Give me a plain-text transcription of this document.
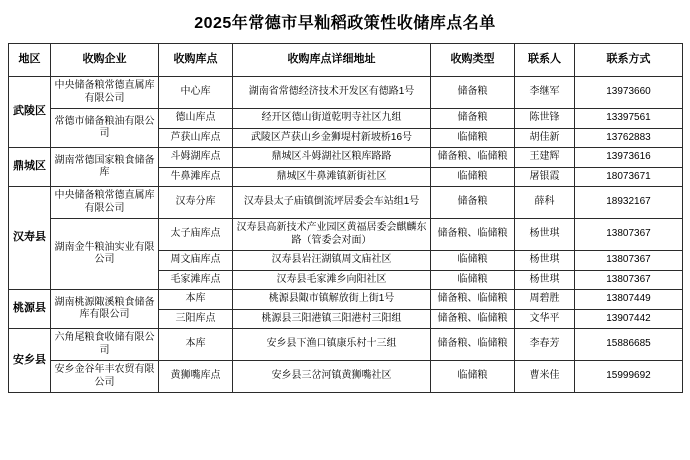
2025年常德市早籼稻政策性收储库点名单
地区	收购企业	收购库点	收购库点详细地址	收购类型	联系人	联系方式
武陵区	中央储备粮常德直属库有限公司	中心库	湖南省常德经济技术开发区有德路1号	储备粮	李继军	13973660
	常德市储备粮油有限公司	德山库点	经开区德山街道乾明寺社区九组	储备粮	陈世锋	13397561
		芦获山库点	武陵区芦获山乡金狮堤村新坡桥16号	临储粮	胡佳新	13762883
鼎城区	湖南常德国家粮食储备库	斗姆湖库点	鼎城区斗姆湖社区粮库路路	储备粮、临储粮	王建辉	13973616
		牛鼻滩库点	鼎城区牛鼻滩镇新街社区	临储粮	屠银霞	18073671
汉寿县	中央储备粮常德直属库有限公司	汉寿分库	汉寿县太子庙镇倒流坪居委会车站组1号	储备粮	薛科	18932167
	湖南金牛粮油实业有限公司	太子庙库点	汉寿县高新技术产业园区黄福居委会麒麟东路（管委会对面）	储备粮、临储粮	杨世琪	13807367
		周文庙库点	汉寿县岩汪湖镇周文庙社区	临储粮	杨世琪	13807367
		毛家滩库点	汉寿县毛家滩乡向阳社区	临储粮	杨世琪	13807367
桃源县	湖南桃源陬溪粮食储备库有限公司	本库	桃源县陬市镇解放街上街1号	储备粮、临储粮	周碧胜	13807449
		三阳库点	桃源县三阳港镇三阳港村三阳组	储备粮、临储粮	文华平	13907442
安乡县	六角尾粮食收储有限公司	本库	安乡县下渔口镇康乐村十三组	储备粮、临储粮	李春芳	15886685
	安乡金谷年丰农贸有限公司	黄狮嘴库点	安乡县三岔河镇黄狮嘴社区	临储粮	曹米佳	15999692
